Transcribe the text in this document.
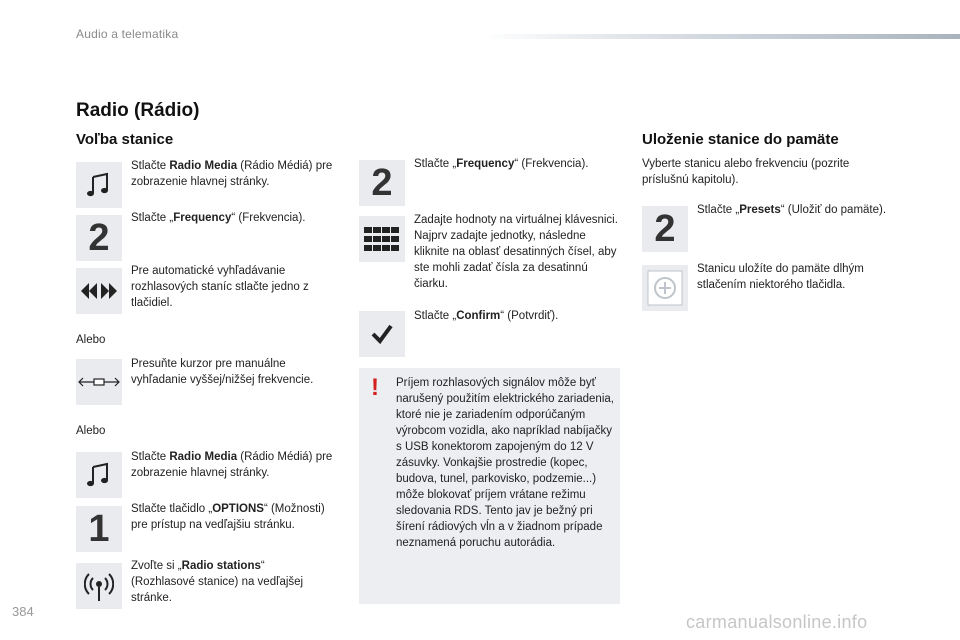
Audio a telematika
Radio (Rádio)
Voľba stanice
Stlačte Radio Media (Rádio Médiá) pre zobrazenie hlavnej stránky.
2 Stlačte „Frequency“ (Frekvencia).
Pre automatické vyhľadávanie rozhlasových staníc stlačte jedno z tlačidiel.
Alebo
Presuňte kurzor pre manuálne vyhľadanie vyššej/nižšej frekvencie.
Alebo
Stlačte Radio Media (Rádio Médiá) pre zobrazenie hlavnej stránky.
1 Stlačte tlačidlo „OPTIONS“ (Možnosti) pre prístup na vedľajšiu stránku.
Zvoľte si „Radio stations“ (Rozhlasové stanice) na vedľajšej stránke.
2 Stlačte „Frequency“ (Frekvencia).
Zadajte hodnoty na virtuálnej klávesnici. Najprv zadajte jednotky, následne kliknite na oblasť desatinných čísel, aby ste mohli zadať čísla za desatinnú čiarku.
Stlačte „Confirm“ (Potvrdiť).
! Príjem rozhlasových signálov môže byť narušený použitím elektrického zariadenia, ktoré nie je zariadením odporúčaným výrobcom vozidla, ako napríklad nabíjačky s USB konektorom zapojeným do 12 V zásuvky. Vonkajšie prostredie (kopec, budova, tunel, parkovisko, podzemie...) môže blokovať príjem vrátane režimu sledovania RDS. Tento jav je bežný pri šírení rádiových vĺn a v žiadnom prípade neznamená poruchu autorádia.
Uloženie stanice do pamäte
Vyberte stanicu alebo frekvenciu (pozrite príslušnú kapitolu).
2 Stlačte „Presets“ (Uložiť do pamäte).
Stanicu uložíte do pamäte dlhým stlačením niektorého tlačidla.
384
carmanualsonline.info
